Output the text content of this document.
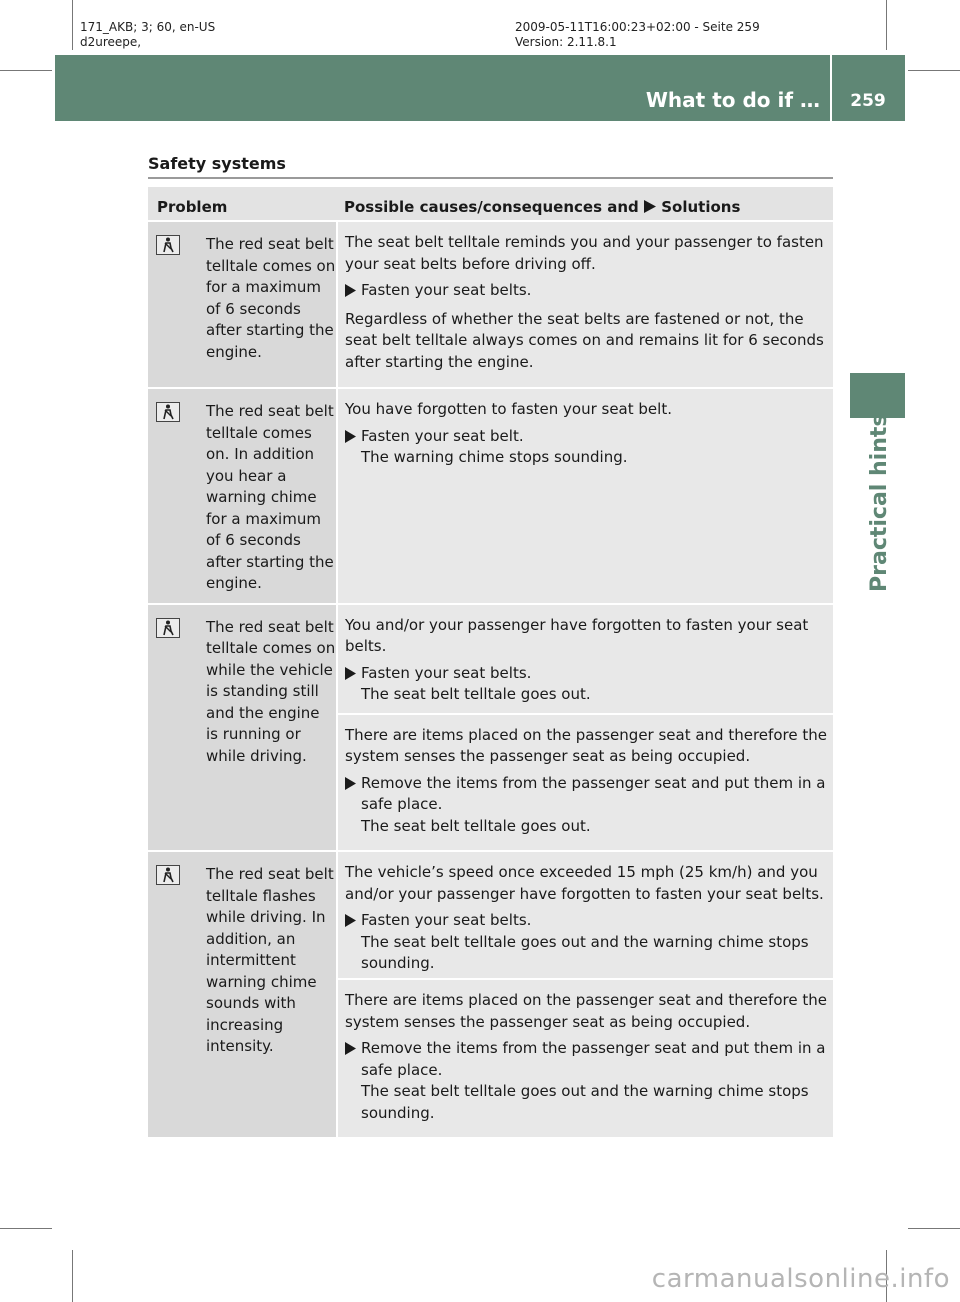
171_AKB; 3; 60, en-US
d2ureepe,
2009-05-11T16:00:23+02:00 - Seite 259
Version: 2.11.8.1
What to do if …	259
Practical hints
Safety systems
Problem	Possible causes/consequences and Solutions
The red seat belt telltale comes on for a maximum of 6 seconds after starting the engine.

The seat belt telltale reminds you and your passenger to fasten your seat belts before driving off.

Fasten your seat belts.

Regardless of whether the seat belts are fastened or not, the seat belt telltale always comes on and remains lit for 6 seconds after starting the engine.

The red seat belt telltale comes on. In addition you hear a warning chime for a maximum of 6 seconds after starting the engine.

You have forgotten to fasten your seat belt.

Fasten your seat belt.
The warning chime stops sounding.
The red seat belt telltale comes on while the vehicle is standing still and the engine is running or while driving.

You and/or your passenger have forgotten to fasten your seat belts.

Fasten your seat belts.
The seat belt telltale goes out.

There are items placed on the passenger seat and therefore the system senses the passenger seat as being occupied.

Remove the items from the passenger seat and put them in a safe place.
The seat belt telltale goes out.
The red seat belt telltale flashes while driving. In addition, an intermittent warning chime sounds with increasing intensity.

The vehicle’s speed once exceeded 15 mph (25 km/h) and you and/or your passenger have forgotten to fasten your seat belts.

Fasten your seat belts.
The seat belt telltale goes out and the warning chime stops sounding.

There are items placed on the passenger seat and therefore the system senses the passenger seat as being occupied.

Remove the items from the passenger seat and put them in a safe place.
The seat belt telltale goes out and the warning chime stops sounding.
carmanualsonline.info
